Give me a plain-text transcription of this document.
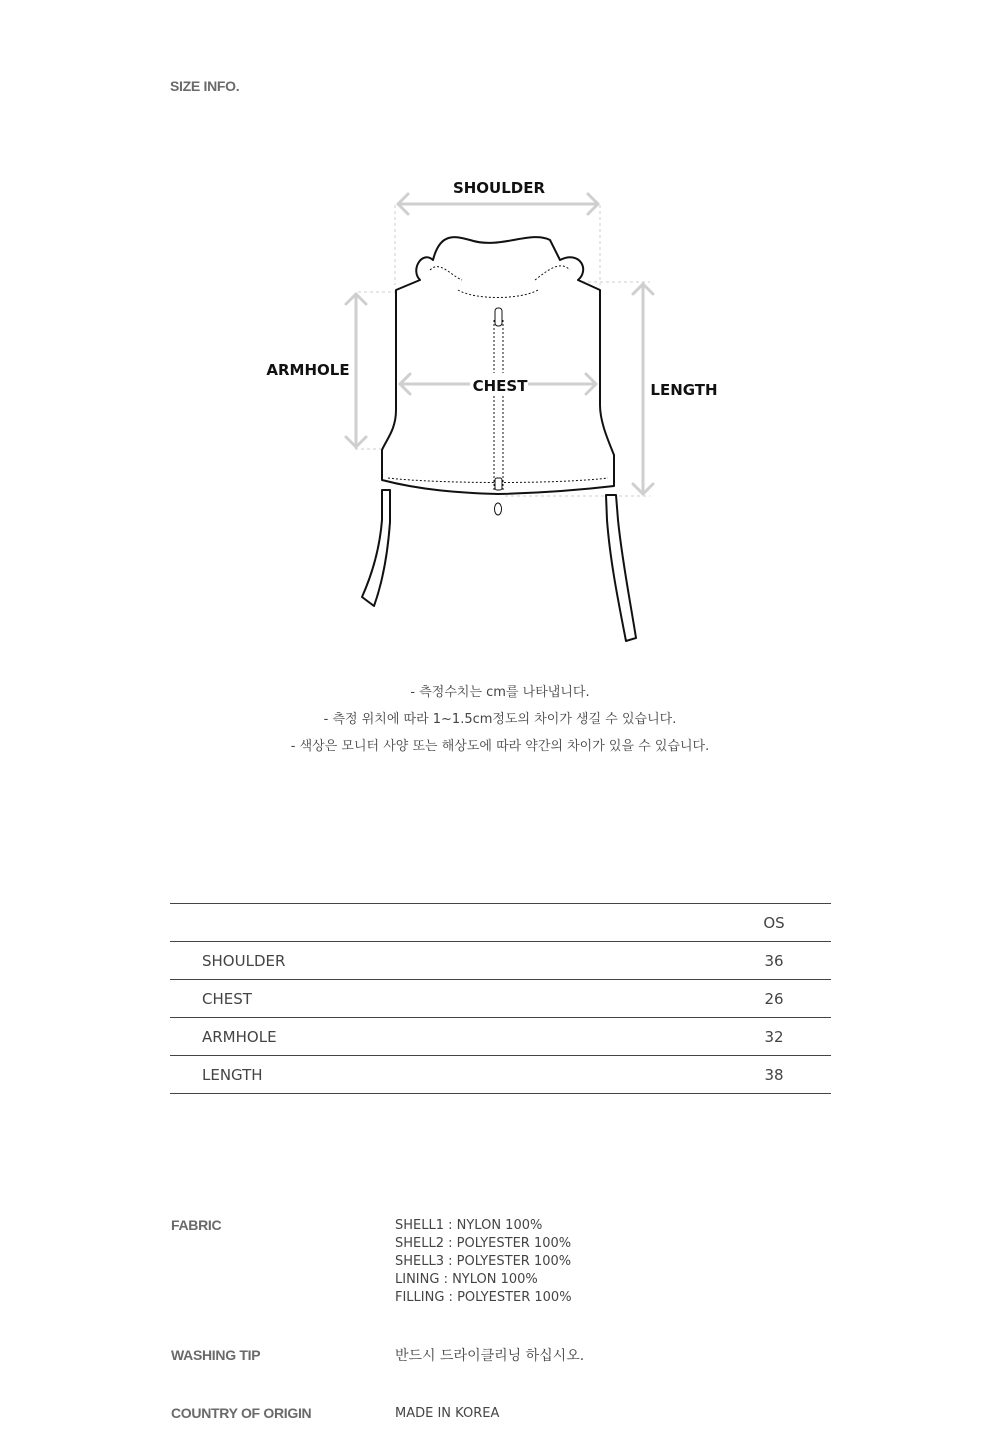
SIZE INFO.
SHOULDER
CHEST
ARMHOLE
LENGTH
- 측정수치는 cm를 나타냅니다.
- 측정 위치에 따라 1~1.5cm정도의 차이가 생길 수 있습니다.
- 색상은 모니터 사양 또는 해상도에 따라 약간의 차이가 있을 수 있습니다.
	OS
SHOULDER	36
CHEST	26
ARMHOLE	32
LENGTH	38
FABRIC	SHELL1 : NYLON 100%
SHELL2 : POLYESTER 100%
SHELL3 : POLYESTER 100%
LINING : NYLON 100%
FILLING : POLYESTER 100%
WASHING TIP	반드시 드라이클리닝 하십시오.
COUNTRY OF ORIGIN	MADE IN KOREA
